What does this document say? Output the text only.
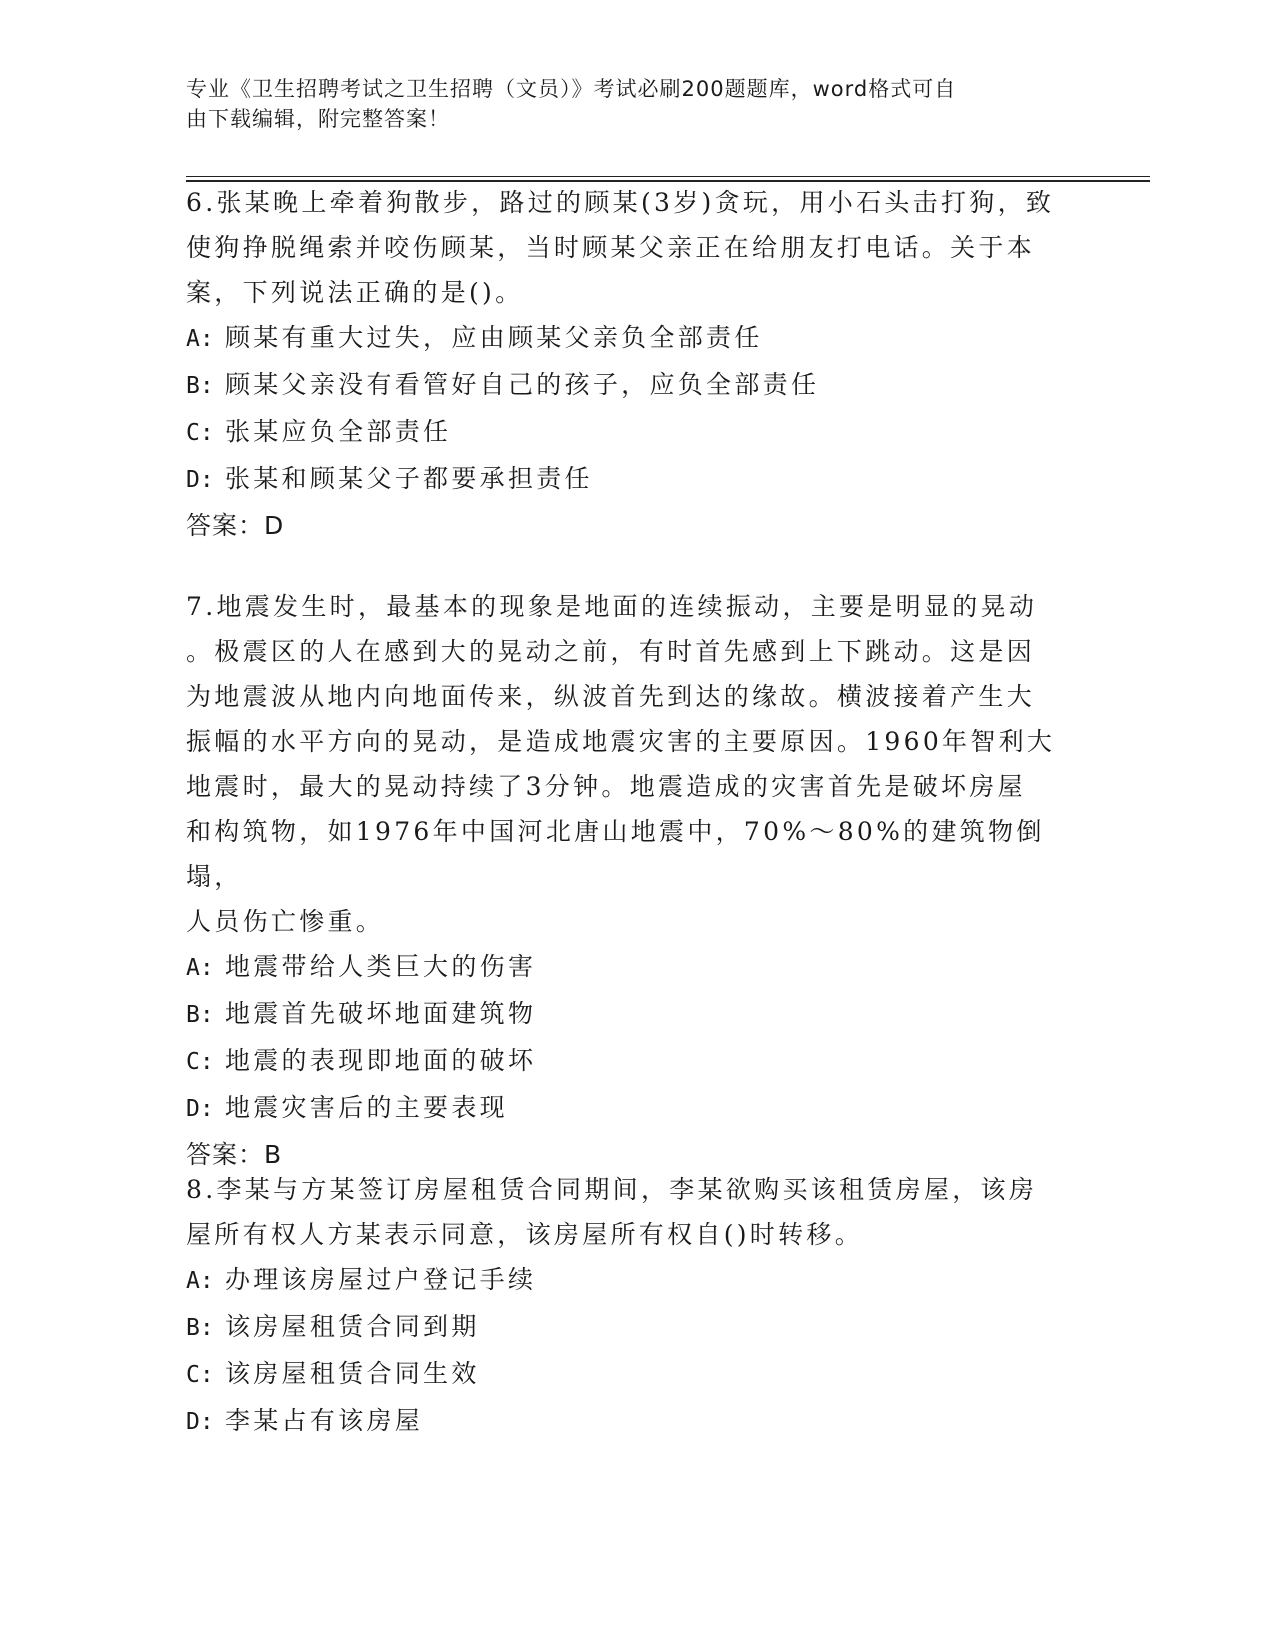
专业《卫生招聘考试之卫生招聘（文员）》考试必刷200题题库，word格式可自
由下载编辑，附完整答案！

6.张某晚上牵着狗散步，路过的顾某(3岁)贪玩，用小石头击打狗，致

使狗挣脱绳索并咬伤顾某，当时顾某父亲正在给朋友打电话。关于本

案，下列说法正确的是()。

A: 顾某有重大过失，应由顾某父亲负全部责任

B: 顾某父亲没有看管好自己的孩子，应负全部责任

C: 张某应负全部责任

D: 张某和顾某父子都要承担责任

答案：D

7.地震发生时，最基本的现象是地面的连续振动，主要是明显的晃动

。极震区的人在感到大的晃动之前，有时首先感到上下跳动。这是因

为地震波从地内向地面传来，纵波首先到达的缘故。横波接着产生大

振幅的水平方向的晃动，是造成地震灾害的主要原因。1960年智利大

地震时，最大的晃动持续了3分钟。地震造成的灾害首先是破坏房屋

和构筑物，如1976年中国河北唐山地震中，70%～80%的建筑物倒塌，

人员伤亡惨重。

A: 地震带给人类巨大的伤害

B: 地震首先破坏地面建筑物

C: 地震的表现即地面的破坏

D: 地震灾害后的主要表现

答案：B

8.李某与方某签订房屋租赁合同期间，李某欲购买该租赁房屋，该房

屋所有权人方某表示同意，该房屋所有权自()时转移。

A: 办理该房屋过户登记手续

B: 该房屋租赁合同到期

C: 该房屋租赁合同生效

D: 李某占有该房屋
